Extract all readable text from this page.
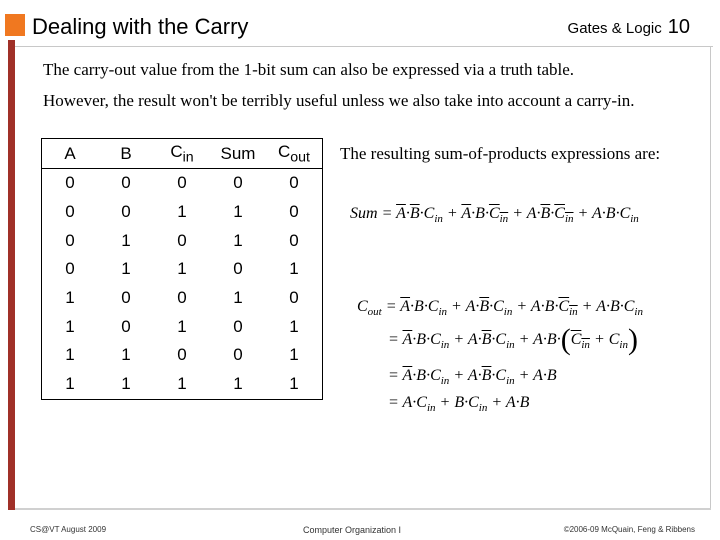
Dealing with the Carry	Gates & Logic 10
The carry-out value from the 1-bit sum can also be expressed via a truth table.
However, the result won't be terribly useful unless we also take into account a carry-in.
A	B	$C_{in}$	Sum	$C_{out}$
0	0	0	0	0
0	0	1	1	0
0	1	0	1	0
0	1	1	0	1
1	0	0	1	0
1	0	1	0	1
1	1	0	0	1
1	1	1	1	1
The resulting sum-of-products expressions are:
Sum = $\overline{A}\cdot\overline{B}\cdot C_{in} + \overline{A}\cdot B\cdot C_{in} + A\cdot\overline{B}\cdot C_{in} + A\cdot B\cdot C_{in}$
$C_{out} = \overline{A}\cdot B\cdot C_{in} + A\cdot\overline{B}\cdot C_{in} + A\cdot B\cdot C_{in} + A\cdot B\cdot C_{in}$
= $\overline{A}\cdot B\cdot C_{in} + A\cdot\overline{B}\cdot C_{in} + A\cdot B\cdot(C_{in} + C_{in})$
= $\overline{A}\cdot B\cdot C_{in} + A\cdot\overline{B}\cdot C_{in} + A\cdot B$
= $A\cdot C_{in} + B\cdot C_{in} + A\cdot B$
CS@VT August 2009	Computer Organization I	©2006-09 McQuain, Feng & Ribbens
